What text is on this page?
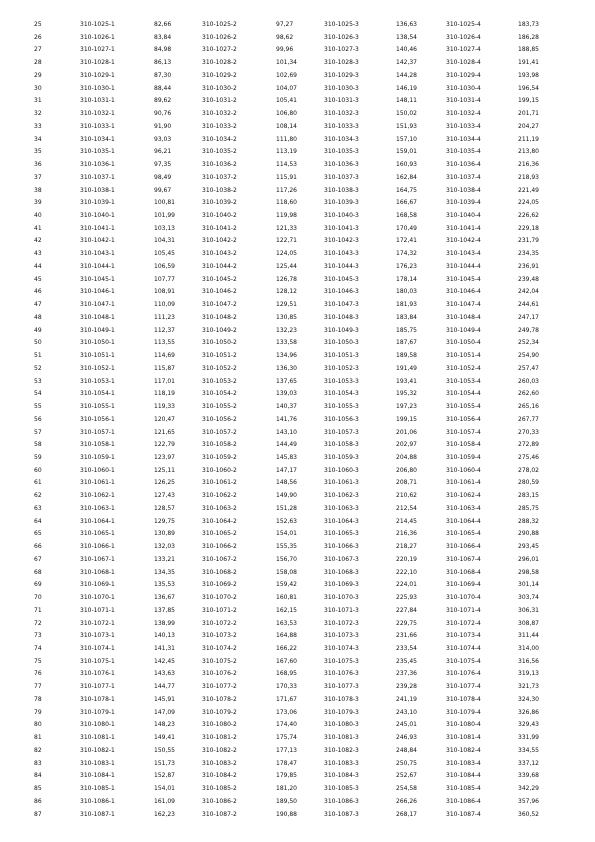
25	310-1025-1	82,66	310-1025-2	97,27	310-1025-3	136,63	310-1025-4	183,73
26	310-1026-1	83,84	310-1026-2	98,62	310-1026-3	138,54	310-1026-4	186,28
27	310-1027-1	84,98	310-1027-2	99,96	310-1027-3	140,46	310-1027-4	188,85
28	310-1028-1	86,13	310-1028-2	101,34	310-1028-3	142,37	310-1028-4	191,41
29	310-1029-1	87,30	310-1029-2	102,69	310-1029-3	144,28	310-1029-4	193,98
30	310-1030-1	88,44	310-1030-2	104,07	310-1030-3	146,19	310-1030-4	196,54
31	310-1031-1	89,62	310-1031-2	105,41	310-1031-3	148,11	310-1031-4	199,15
32	310-1032-1	90,76	310-1032-2	106,80	310-1032-3	150,02	310-1032-4	201,71
33	310-1033-1	91,90	310-1033-2	108,14	310-1033-3	151,93	310-1033-4	204,27
34	310-1034-1	93,03	310-1034-2	111,80	310-1034-3	157,10	310-1034-4	211,19
35	310-1035-1	96,21	310-1035-2	113,19	310-1035-3	159,01	310-1035-4	213,80
36	310-1036-1	97,35	310-1036-2	114,53	310-1036-3	160,93	310-1036-4	216,36
37	310-1037-1	98,49	310-1037-2	115,91	310-1037-3	162,84	310-1037-4	218,93
38	310-1038-1	99,67	310-1038-2	117,26	310-1038-3	164,75	310-1038-4	221,49
39	310-1039-1	100,81	310-1039-2	118,60	310-1039-3	166,67	310-1039-4	224,05
40	310-1040-1	101,99	310-1040-2	119,98	310-1040-3	168,58	310-1040-4	226,62
41	310-1041-1	103,13	310-1041-2	121,33	310-1041-3	170,49	310-1041-4	229,18
42	310-1042-1	104,31	310-1042-2	122,71	310-1042-3	172,41	310-1042-4	231,79
43	310-1043-1	105,45	310-1043-2	124,05	310-1043-3	174,32	310-1043-4	234,35
44	310-1044-1	106,59	310-1044-2	125,44	310-1044-3	176,23	310-1044-4	236,91
45	310-1045-1	107,77	310-1045-2	126,78	310-1045-3	178,14	310-1045-4	239,48
46	310-1046-1	108,91	310-1046-2	128,12	310-1046-3	180,03	310-1046-4	242,04
47	310-1047-1	110,09	310-1047-2	129,51	310-1047-3	181,93	310-1047-4	244,61
48	310-1048-1	111,23	310-1048-2	130,85	310-1048-3	183,84	310-1048-4	247,17
49	310-1049-1	112,37	310-1049-2	132,23	310-1049-3	185,75	310-1049-4	249,78
50	310-1050-1	113,55	310-1050-2	133,58	310-1050-3	187,67	310-1050-4	252,34
51	310-1051-1	114,69	310-1051-2	134,96	310-1051-3	189,58	310-1051-4	254,90
52	310-1052-1	115,87	310-1052-2	136,30	310-1052-3	191,49	310-1052-4	257,47
53	310-1053-1	117,01	310-1053-2	137,65	310-1053-3	193,41	310-1053-4	260,03
54	310-1054-1	118,19	310-1054-2	139,03	310-1054-3	195,32	310-1054-4	262,60
55	310-1055-1	119,33	310-1055-2	140,37	310-1055-3	197,23	310-1055-4	265,16
56	310-1056-1	120,47	310-1056-2	141,76	310-1056-3	199,15	310-1056-4	267,77
57	310-1057-1	121,65	310-1057-2	143,10	310-1057-3	201,06	310-1057-4	270,33
58	310-1058-1	122,79	310-1058-2	144,49	310-1058-3	202,97	310-1058-4	272,89
59	310-1059-1	123,97	310-1059-2	145,83	310-1059-3	204,88	310-1059-4	275,46
60	310-1060-1	125,11	310-1060-2	147,17	310-1060-3	206,80	310-1060-4	278,02
61	310-1061-1	126,25	310-1061-2	148,56	310-1061-3	208,71	310-1061-4	280,59
62	310-1062-1	127,43	310-1062-2	149,90	310-1062-3	210,62	310-1062-4	283,15
63	310-1063-1	128,57	310-1063-2	151,28	310-1063-3	212,54	310-1063-4	285,75
64	310-1064-1	129,75	310-1064-2	152,63	310-1064-3	214,45	310-1064-4	288,32
65	310-1065-1	130,89	310-1065-2	154,01	310-1065-3	216,36	310-1065-4	290,88
66	310-1066-1	132,03	310-1066-2	155,35	310-1066-3	218,27	310-1066-4	293,45
67	310-1067-1	133,21	310-1067-2	156,70	310-1067-3	220,19	310-1067-4	296,01
68	310-1068-1	134,35	310-1068-2	158,08	310-1068-3	222,10	310-1068-4	298,58
69	310-1069-1	135,53	310-1069-2	159,42	310-1069-3	224,01	310-1069-4	301,14
70	310-1070-1	136,67	310-1070-2	160,81	310-1070-3	225,93	310-1070-4	303,74
71	310-1071-1	137,85	310-1071-2	162,15	310-1071-3	227,84	310-1071-4	306,31
72	310-1072-1	138,99	310-1072-2	163,53	310-1072-3	229,75	310-1072-4	308,87
73	310-1073-1	140,13	310-1073-2	164,88	310-1073-3	231,66	310-1073-4	311,44
74	310-1074-1	141,31	310-1074-2	166,22	310-1074-3	233,54	310-1074-4	314,00
75	310-1075-1	142,45	310-1075-2	167,60	310-1075-3	235,45	310-1075-4	316,56
76	310-1076-1	143,63	310-1076-2	168,95	310-1076-3	237,36	310-1076-4	319,13
77	310-1077-1	144,77	310-1077-2	170,33	310-1077-3	239,28	310-1077-4	321,73
78	310-1078-1	145,91	310-1078-2	171,67	310-1078-3	241,19	310-1078-4	324,30
79	310-1079-1	147,09	310-1079-2	173,06	310-1079-3	243,10	310-1079-4	326,86
80	310-1080-1	148,23	310-1080-2	174,40	310-1080-3	245,01	310-1080-4	329,43
81	310-1081-1	149,41	310-1081-2	175,74	310-1081-3	246,93	310-1081-4	331,99
82	310-1082-1	150,55	310-1082-2	177,13	310-1082-3	248,84	310-1082-4	334,55
83	310-1083-1	151,73	310-1083-2	178,47	310-1083-3	250,75	310-1083-4	337,12
84	310-1084-1	152,87	310-1084-2	179,85	310-1084-3	252,67	310-1084-4	339,68
85	310-1085-1	154,01	310-1085-2	181,20	310-1085-3	254,58	310-1085-4	342,29
86	310-1086-1	161,09	310-1086-2	189,50	310-1086-3	266,26	310-1086-4	357,96
87	310-1087-1	162,23	310-1087-2	190,88	310-1087-3	268,17	310-1087-4	360,52
